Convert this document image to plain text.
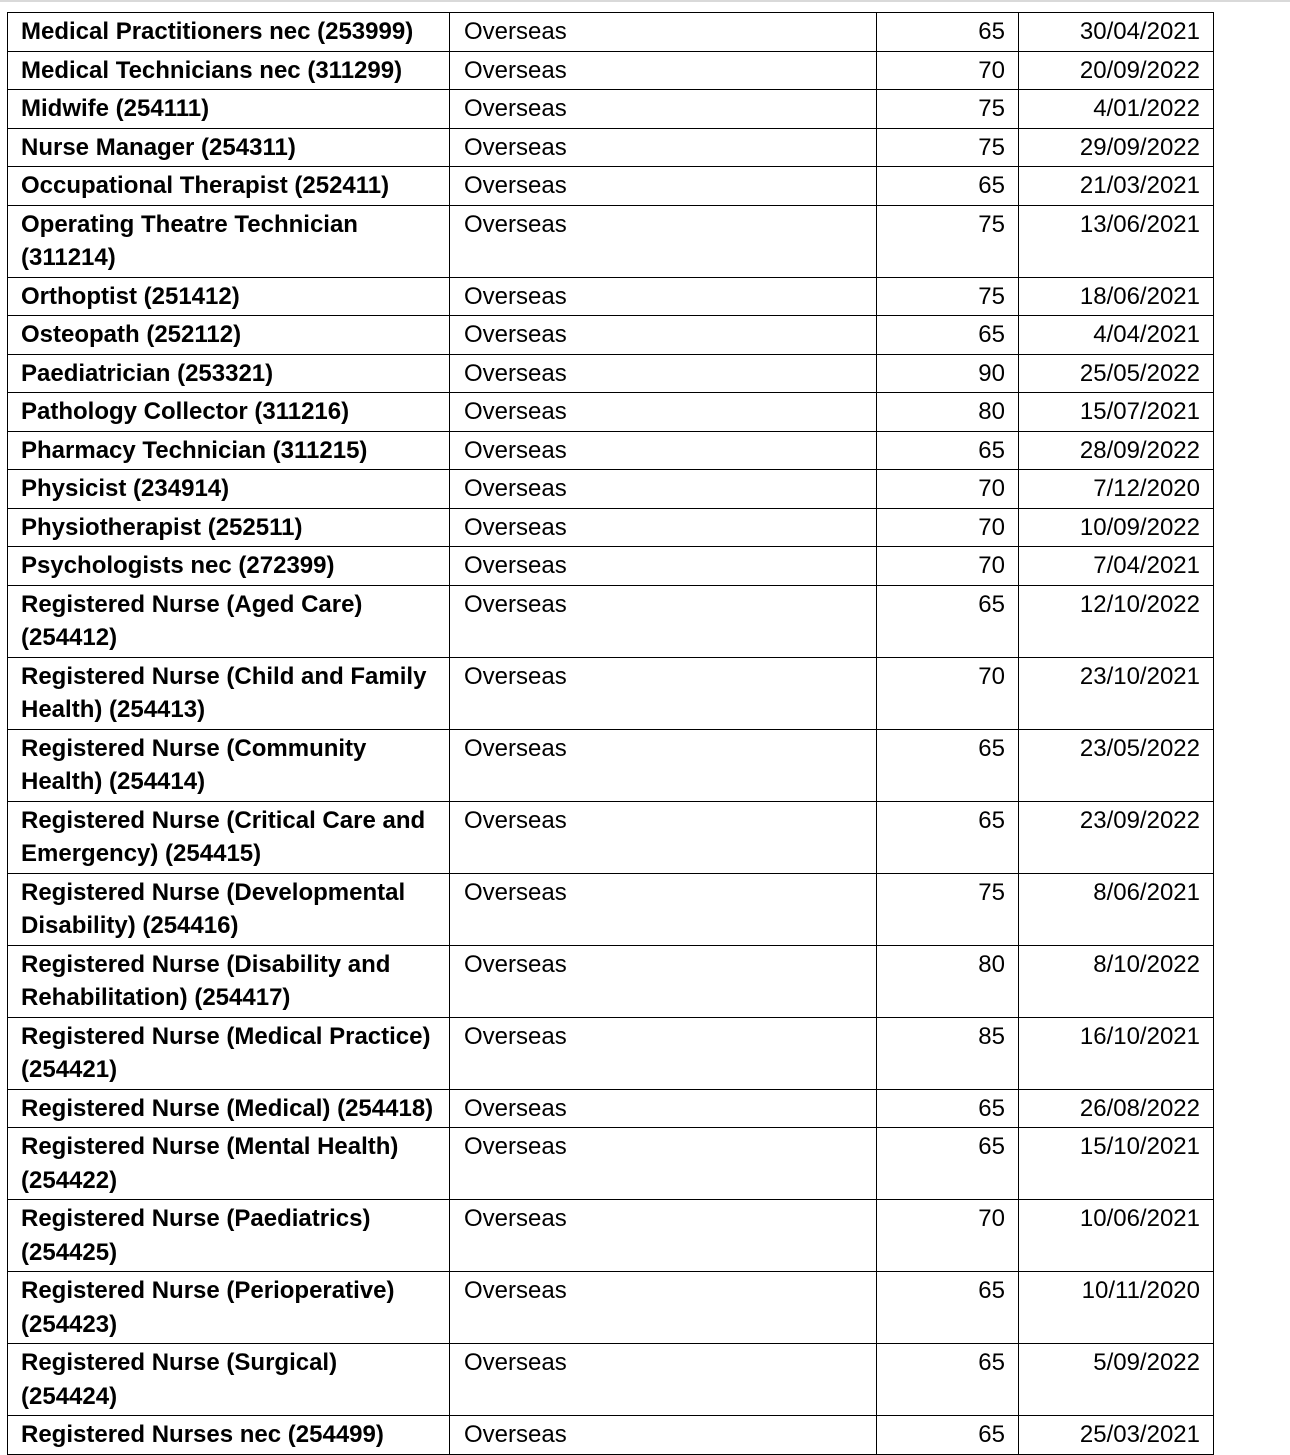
Medical Practitioners nec (253999)	Overseas	65	30/04/2021
Medical Technicians nec (311299)	Overseas	70	20/09/2022
Midwife (254111)	Overseas	75	4/01/2022
Nurse Manager (254311)	Overseas	75	29/09/2022
Occupational Therapist (252411)	Overseas	65	21/03/2021
Operating Theatre Technician (311214)	Overseas	75	13/06/2021
Orthoptist (251412)	Overseas	75	18/06/2021
Osteopath (252112)	Overseas	65	4/04/2021
Paediatrician (253321)	Overseas	90	25/05/2022
Pathology Collector (311216)	Overseas	80	15/07/2021
Pharmacy Technician (311215)	Overseas	65	28/09/2022
Physicist (234914)	Overseas	70	7/12/2020
Physiotherapist (252511)	Overseas	70	10/09/2022
Psychologists nec (272399)	Overseas	70	7/04/2021
Registered Nurse (Aged Care) (254412)	Overseas	65	12/10/2022
Registered Nurse (Child and Family Health) (254413)	Overseas	70	23/10/2021
Registered Nurse (Community Health) (254414)	Overseas	65	23/05/2022
Registered Nurse (Critical Care and Emergency) (254415)	Overseas	65	23/09/2022
Registered Nurse (Developmental Disability) (254416)	Overseas	75	8/06/2021
Registered Nurse (Disability and Rehabilitation) (254417)	Overseas	80	8/10/2022
Registered Nurse (Medical Practice) (254421)	Overseas	85	16/10/2021
Registered Nurse (Medical) (254418)	Overseas	65	26/08/2022
Registered Nurse (Mental Health) (254422)	Overseas	65	15/10/2021
Registered Nurse (Paediatrics) (254425)	Overseas	70	10/06/2021
Registered Nurse (Perioperative) (254423)	Overseas	65	10/11/2020
Registered Nurse (Surgical) (254424)	Overseas	65	5/09/2022
Registered Nurses nec (254499)	Overseas	65	25/03/2021
